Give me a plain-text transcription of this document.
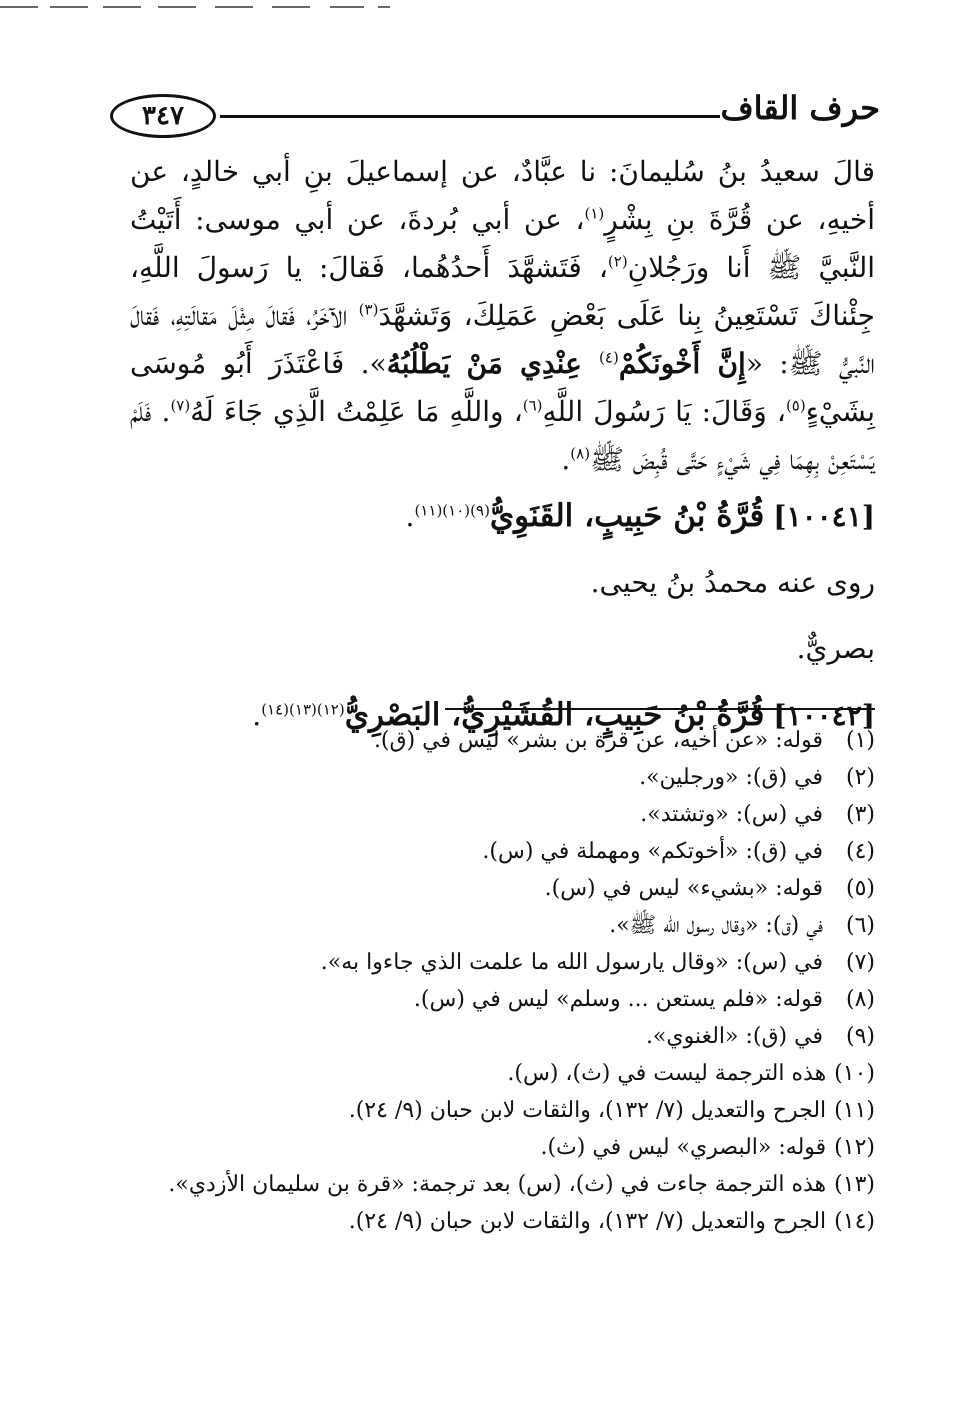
حرف القاف
٣٤٧

قالَ سعيدُ بنُ سُليمانَ: نا عبَّادٌ، عن إسماعيلَ بنِ أبي خالدٍ، عن أخيهِ، عن قُرَّةَ بنِ بِشْرٍ$^{(١)}$، عن أبي بُردةَ، عن أبي موسى: أَتَيْتُ النَّبيَّ ﷺ أَنا ورَجُلانِ$^{(٢)}$، فَتَشهَّدَ أَحدُهُما، فَقالَ: يا رَسولَ اللَّهِ، جِئْناكَ تَسْتَعِينُ بِنا عَلَى بَعْضِ عَمَلِكَ، وَتَشهَّدَ$^{(٣)}$ الآخَرُ، فَقالَ مِثْلَ مَقالَتِهِ، فَقالَ النَّبيُّ ﷺ: «إِنَّ أَخْونَكُمْ$^{(٤)}$ عِنْدِي مَنْ يَطْلُبُهُ». فَاعْتَذَرَ أَبُو مُوسَى بِشَيْءٍ$^{(٥)}$، وَقَالَ: يَا رَسُولَ اللَّهِ$^{(٦)}$، واللَّهِ مَا عَلِمْتُ الَّذِي جَاءَ لَهُ$^{(٧)}$. فَلَمْ يَسْتَعِنْ بِهِمَا فِي شَيْءٍ حَتَّى قُبِضَ ﷺ$^{(٨)}$.

[١٠٠٤١] قُرَّةُ بْنُ حَبِيبٍ، القَنَوِيُّ$^{(٩)(١٠)(١١)}$.

روى عنه محمدُ بنُ يحيى.

بصريٌّ.

[١٠٠٤٢] قُرَّةُ بْنُ حَبِيبٍ، القُشَيْرِيُّ، البَصْرِيُّ$^{(١٢)(١٣)(١٤)}$.

(١)
قوله: «عن أخيه، عن قرة بن بشر» ليس في (ق).
(٢)
في (ق): «ورجلين».
(٣)
في (س): «وتشتد».
(٤)
في (ق): «أخوتكم» ومهملة في (س).
(٥)
قوله: «بشيء» ليس في (س).
(٦)
في (ق): «وقال رسول الله ﷺ».
(٧)
في (س): «وقال يارسول الله ما علمت الذي جاءوا به».
(٨)
قوله: «فلم يستعن ... وسلم» ليس في (س).
(٩)
في (ق): «الغنوي».
(١٠)
هذه الترجمة ليست في (ث)، (س).
(١١)
الجرح والتعديل (٧/ ١٣٢)، والثقات لابن حبان (٩/ ٢٤).
(١٢)
قوله: «البصري» ليس في (ث).
(١٣)
هذه الترجمة جاءت في (ث)، (س) بعد ترجمة: «قرة بن سليمان الأزدي».
(١٤)
الجرح والتعديل (٧/ ١٣٢)، والثقات لابن حبان (٩/ ٢٤).
